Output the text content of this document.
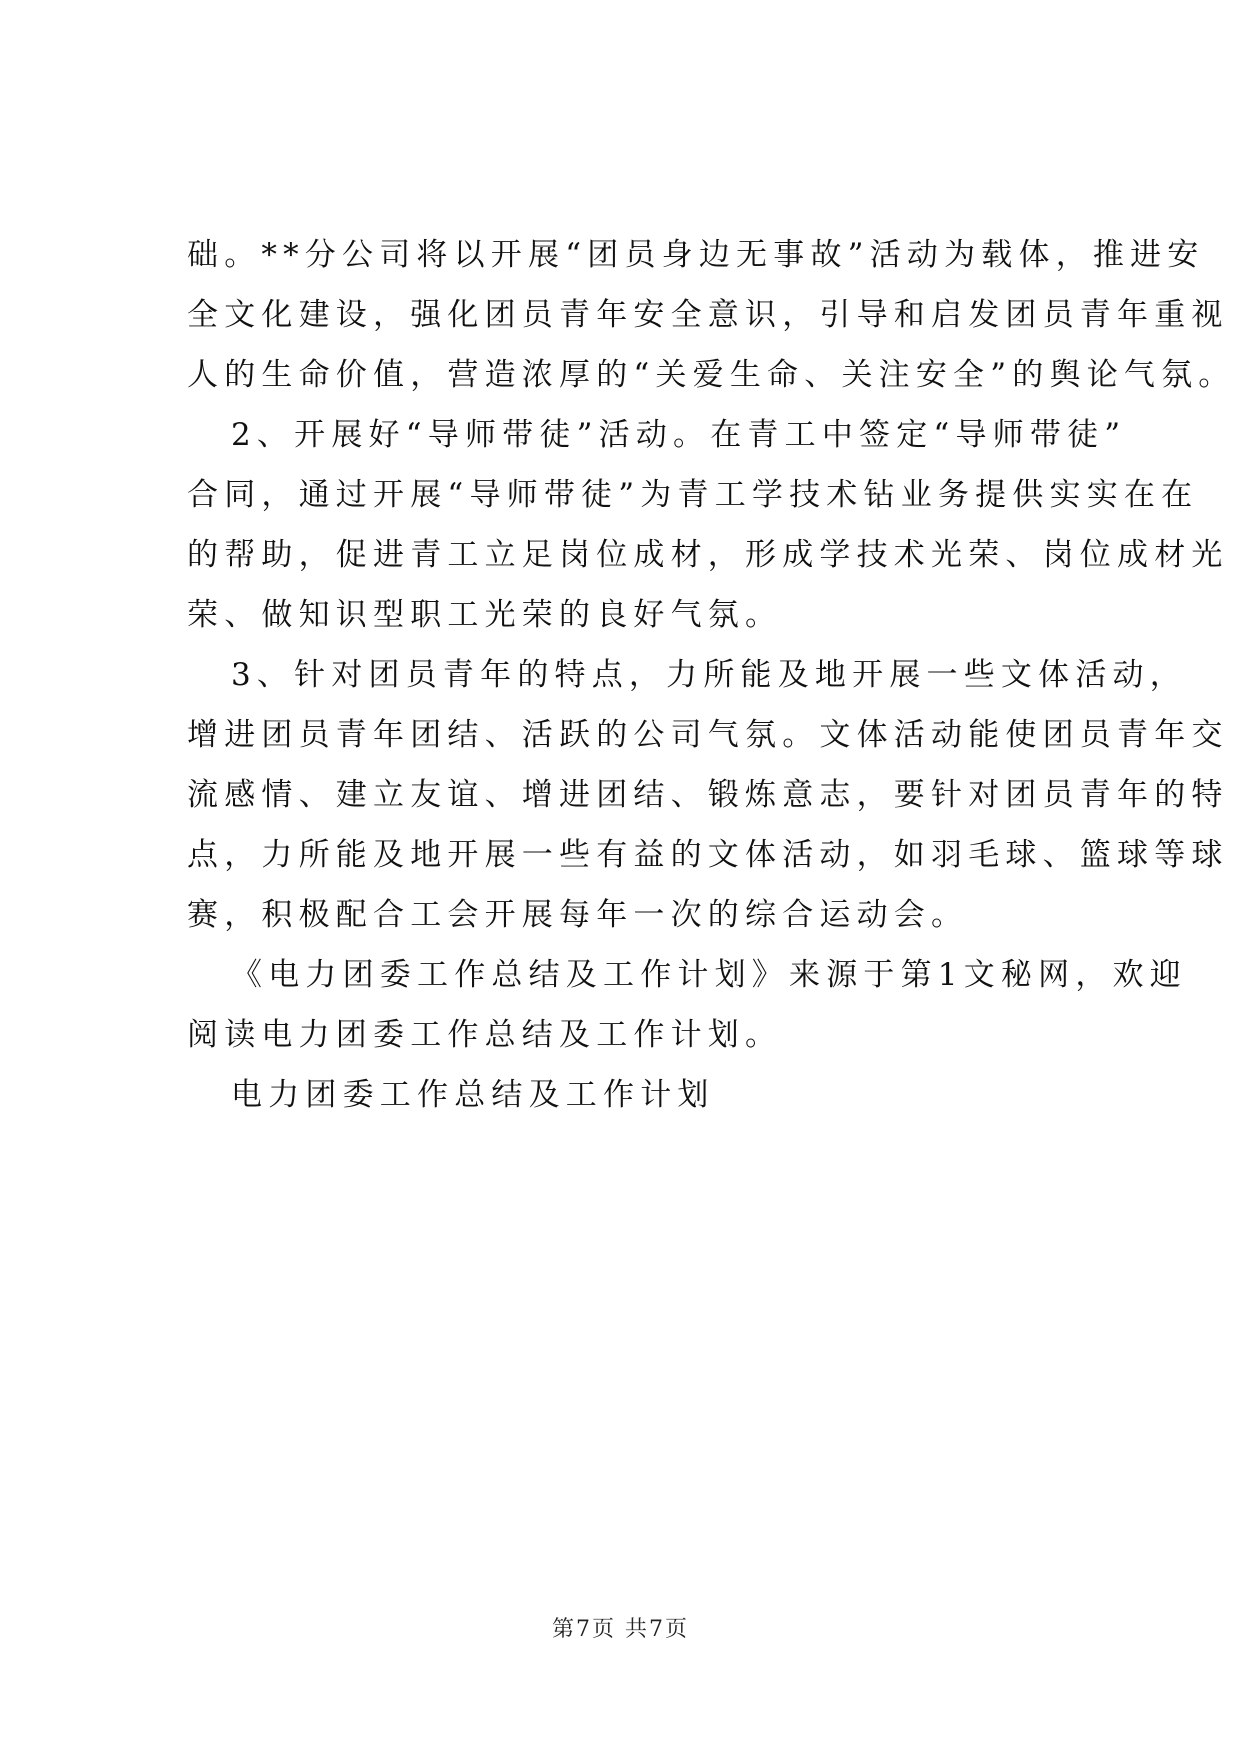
础。**分公司将以开展“团员身边无事故”活动为载体，推进安
全文化建设，强化团员青年安全意识，引导和启发团员青年重视
人的生命价值，营造浓厚的“关爱生命、关注安全”的舆论气氛。
2、开展好“导师带徒”活动。在青工中签定“导师带徒”
合同，通过开展“导师带徒”为青工学技术钻业务提供实实在在
的帮助，促进青工立足岗位成材，形成学技术光荣、岗位成材光
荣、做知识型职工光荣的良好气氛。
3、针对团员青年的特点，力所能及地开展一些文体活动，
增进团员青年团结、活跃的公司气氛。文体活动能使团员青年交
流感情、建立友谊、增进团结、锻炼意志，要针对团员青年的特
点，力所能及地开展一些有益的文体活动，如羽毛球、篮球等球
赛，积极配合工会开展每年一次的综合运动会。
《电力团委工作总结及工作计划》来源于第1文秘网，欢迎
阅读电力团委工作总结及工作计划。
电力团委工作总结及工作计划
第7页 共7页
